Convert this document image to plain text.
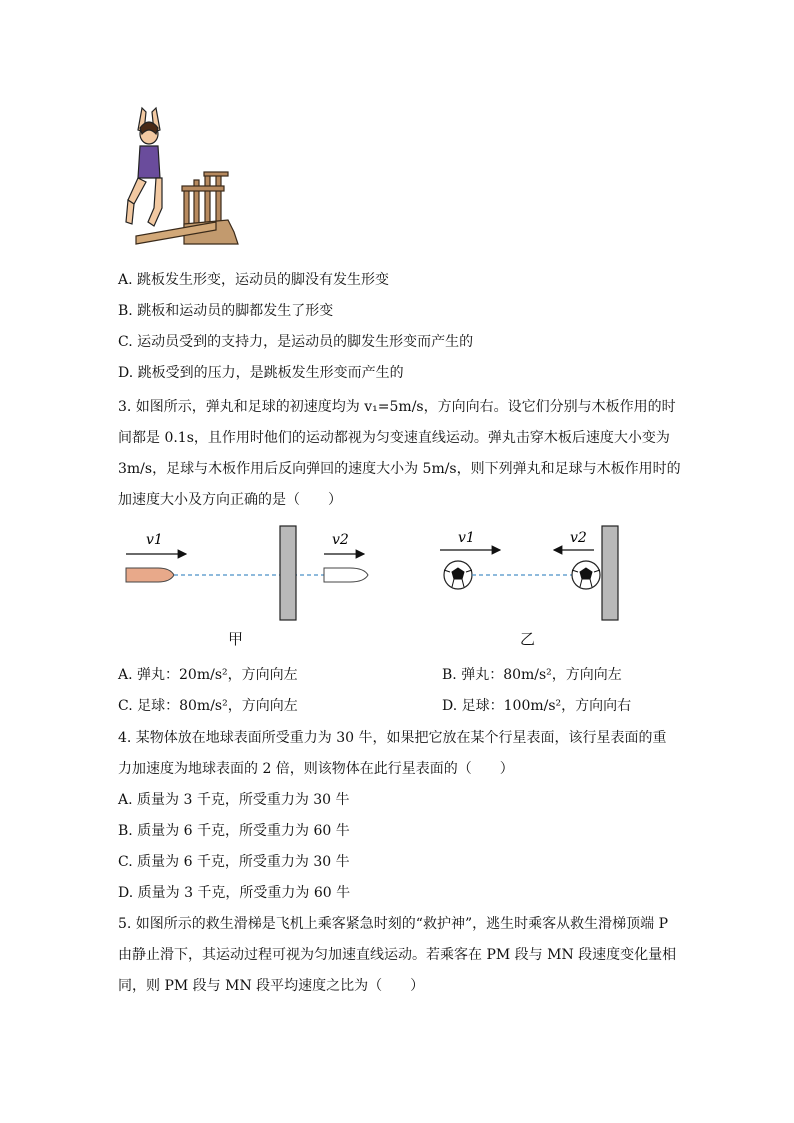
A. 跳板发生形变，运动员的脚没有发生形变
B. 跳板和运动员的脚都发生了形变
C. 运动员受到的支持力，是运动员的脚发生形变而产生的
D. 跳板受到的压力，是跳板发生形变而产生的
3. 如图所示，弹丸和足球的初速度均为 v₁=5m/s，方向向右。设它们分别与木板作用的时
间都是 0.1s，且作用时他们的运动都视为匀变速直线运动。弹丸击穿木板后速度大小变为
3m/s，足球与木板作用后反向弹回的速度大小为 5m/s，则下列弹丸和足球与木板作用时的
加速度大小及方向正确的是（　　）
v1	v2	v1	v2
甲	乙
A. 弹丸：20m/s²，方向向左	B. 弹丸：80m/s²，方向向左
C. 足球：80m/s²，方向向左	D. 足球：100m/s²，方向向右
4. 某物体放在地球表面所受重力为 30 牛，如果把它放在某个行星表面，该行星表面的重
力加速度为地球表面的 2 倍，则该物体在此行星表面的（　　）
A. 质量为 3 千克，所受重力为 30 牛
B. 质量为 6 千克，所受重力为 60 牛
C. 质量为 6 千克，所受重力为 30 牛
D. 质量为 3 千克，所受重力为 60 牛
5. 如图所示的救生滑梯是飞机上乘客紧急时刻的“救护神”，逃生时乘客从救生滑梯顶端 P
由静止滑下，其运动过程可视为匀加速直线运动。若乘客在 PM 段与 MN 段速度变化量相
同，则 PM 段与 MN 段平均速度之比为（　　）
